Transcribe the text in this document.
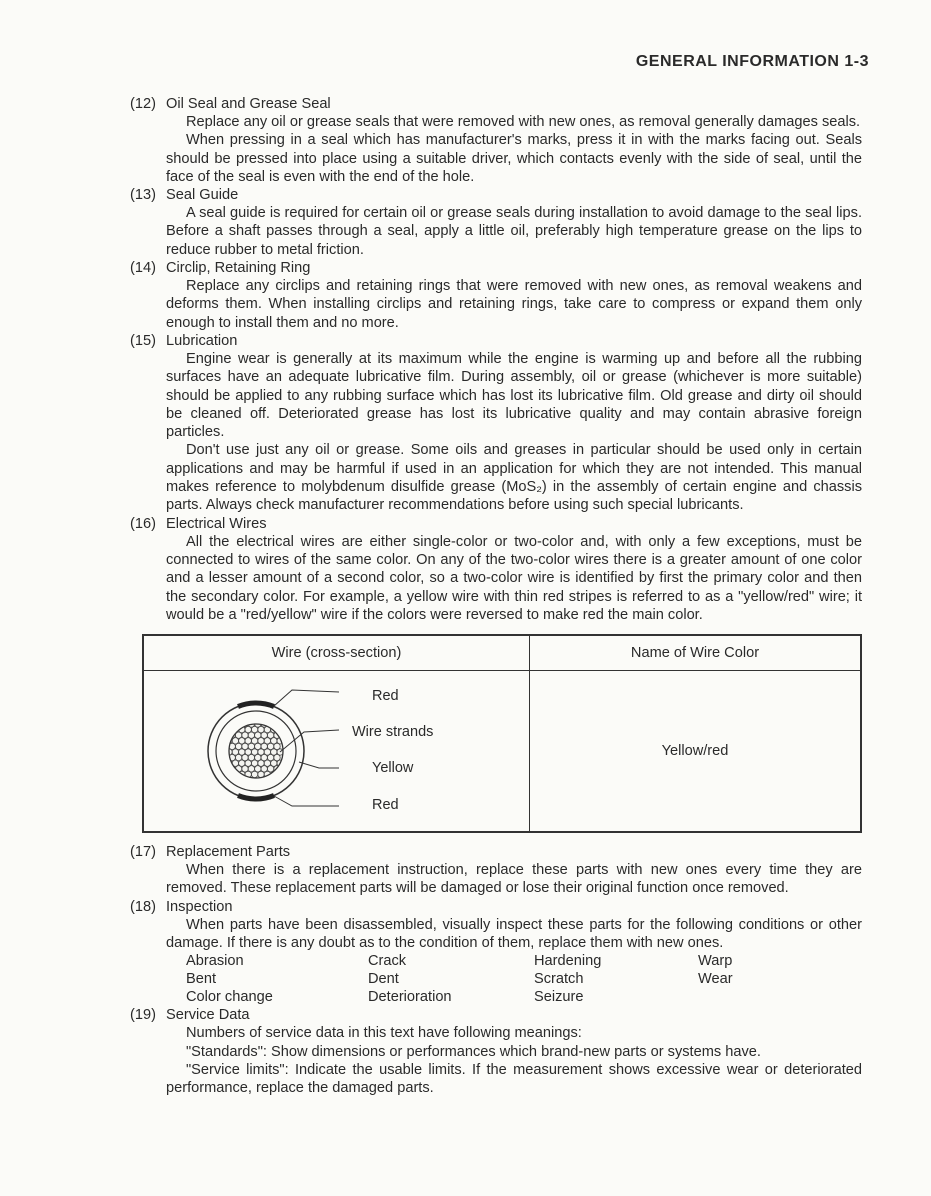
GENERAL INFORMATION 1-3
(12) Oil Seal and Grease Seal

Replace any oil or grease seals that were removed with new ones, as removal generally damages seals.

When pressing in a seal which has manufacturer's marks, press it in with the marks facing out. Seals should be pressed into place using a suitable driver, which contacts evenly with the side of seal, until the face of the seal is even with the end of the hole.

(13) Seal Guide

A seal guide is required for certain oil or grease seals during installation to avoid damage to the seal lips. Before a shaft passes through a seal, apply a little oil, preferably high temperature grease on the lips to reduce rubber to metal friction.

(14) Circlip, Retaining Ring

Replace any circlips and retaining rings that were removed with new ones, as removal weakens and deforms them. When installing circlips and retaining rings, take care to compress or expand them only enough to install them and no more.

(15) Lubrication

Engine wear is generally at its maximum while the engine is warming up and before all the rubbing surfaces have an adequate lubricative film. During assembly, oil or grease (whichever is more suitable) should be applied to any rubbing surface which has lost its lubricative film. Old grease and dirty oil should be cleaned off. Deteriorated grease has lost its lubricative quality and may contain abrasive foreign particles.

Don't use just any oil or grease. Some oils and greases in particular should be used only in certain applications and may be harmful if used in an application for which they are not intended. This manual makes reference to molybdenum disulfide grease (MoS₂) in the assembly of certain engine and chassis parts. Always check manufacturer recommendations before using such special lubricants.

(16) Electrical Wires

All the electrical wires are either single-color or two-color and, with only a few exceptions, must be connected to wires of the same color. On any of the two-color wires there is a greater amount of one color and a lesser amount of a second color, so a two-color wire is identified by first the primary color and then the secondary color. For example, a yellow wire with thin red stripes is referred to as a "yellow/red" wire; it would be a "red/yellow" wire if the colors were reversed to make red the main color.

Wire (cross-section)	Name of Wire Color

Red
Wire strands
Yellow
Red	Yellow/red
(17) Replacement Parts

When there is a replacement instruction, replace these parts with new ones every time they are removed. These replacement parts will be damaged or lose their original function once removed.

(18) Inspection

When parts have been disassembled, visually inspect these parts for the following conditions or other damage. If there is any doubt as to the condition of them, replace them with new ones.

Abrasion	Crack	Hardening	Warp
Bent	Dent	Scratch	Wear
Color change	Deterioration	Seizure
(19) Service Data

Numbers of service data in this text have following meanings:

"Standards": Show dimensions or performances which brand-new parts or systems have.

"Service limits": Indicate the usable limits. If the measurement shows excessive wear or deteriorated performance, replace the damaged parts.
